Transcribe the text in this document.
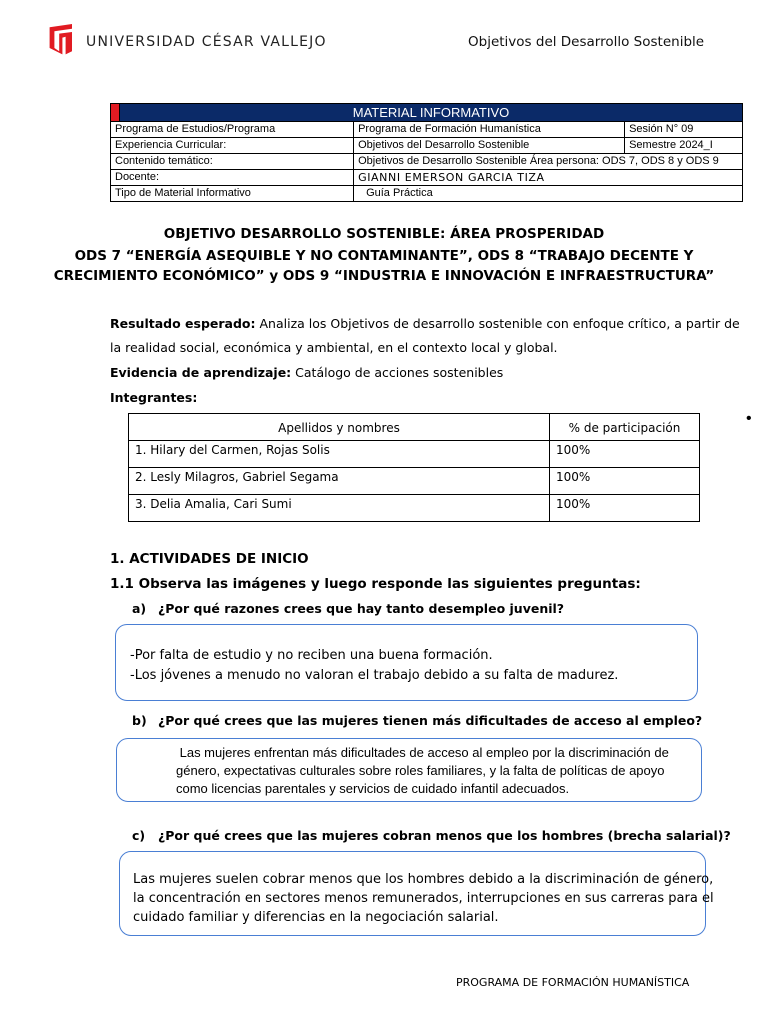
UNIVERSIDAD CÉSAR VALLEJO	Objetivos del Desarrollo Sostenible
	MATERIAL INFORMATIVO		
Programa de Estudios/Programa		Programa de Formación Humanística	Sesión N° 09
Experiencia Curricular:		Objetivos del Desarrollo Sostenible	Semestre 2024_I
Contenido temático:		Objetivos de Desarrollo Sostenible Área persona: ODS 7, ODS 8 y ODS 9	
Docente:		GIANNI EMERSON GARCIA TIZA	
Tipo de Material Informativo		Guía Práctica	
OBJETIVO DESARROLLO SOSTENIBLE: ÁREA PROSPERIDAD
ODS 7 “ENERGÍA ASEQUIBLE Y NO CONTAMINANTE”, ODS 8 “TRABAJO DECENTE Y
CRECIMIENTO ECONÓMICO” y ODS 9 “INDUSTRIA E INNOVACIÓN E INFRAESTRUCTURA”
Resultado esperado: Analiza los Objetivos de desarrollo sostenible con enfoque crítico, a partir de
la realidad social, económica y ambiental, en el contexto local y global.
Evidencia de aprendizaje: Catálogo de acciones sostenibles
Integrantes:
•
Apellidos y nombres	% de participación
1. Hilary del Carmen, Rojas Solis	100%
2. Lesly Milagros, Gabriel Segama	100%
3. Delia Amalia, Cari Sumi	100%
1. ACTIVIDADES DE INICIO
1.1 Observa las imágenes y luego responde las siguientes preguntas:
a) ¿Por qué razones crees que hay tanto desempleo juvenil?
-Por falta de estudio y no reciben una buena formación.
-Los jóvenes a menudo no valoran el trabajo debido a su falta de madurez.
b) ¿Por qué crees que las mujeres tienen más dificultades de acceso al empleo?
Las mujeres enfrentan más dificultades de acceso al empleo por la discriminación de
género, expectativas culturales sobre roles familiares, y la falta de políticas de apoyo
como licencias parentales y servicios de cuidado infantil adecuados.
c) ¿Por qué crees que las mujeres cobran menos que los hombres (brecha salarial)?
Las mujeres suelen cobrar menos que los hombres debido a la discriminación de género,
la concentración en sectores menos remunerados, interrupciones en sus carreras para el
cuidado familiar y diferencias en la negociación salarial.
PROGRAMA DE FORMACIÓN HUMANÍSTICA
